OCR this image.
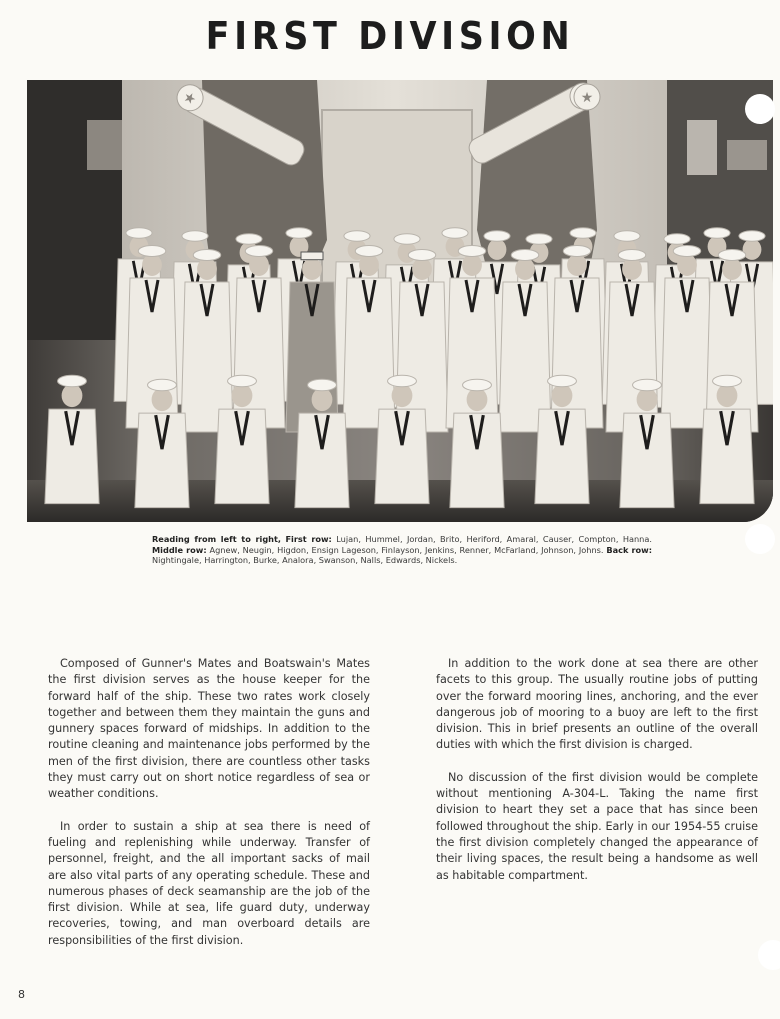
FIRST DIVISION
★	★
Reading from left to right, First row: Lujan, Hummel, Jordan, Brito, Heriford, Amaral, Causer, Compton, Hanna. Middle row: Agnew, Neugin, Higdon, Ensign Lageson, Finlayson, Jenkins, Renner, McFarland, Johnson, Johns. Back row: Nightingale, Harrington, Burke, Analora, Swanson, Nalls, Edwards, Nickels.

Composed of Gunner's Mates and Boatswain's Mates the first division serves as the house keeper for the forward half of the ship. These two rates work closely together and between them they maintain the guns and gunnery spaces forward of midships. In addition to the routine cleaning and maintenance jobs performed by the men of the first division, there are countless other tasks they must carry out on short notice regardless of sea or weather conditions.

In order to sustain a ship at sea there is need of fueling and replenishing while underway. Transfer of personnel, freight, and the all important sacks of mail are also vital parts of any operating schedule. These and numerous phases of deck seamanship are the job of the first division. While at sea, life guard duty, underway recoveries, towing, and man overboard details are responsibilities of the first division.

In addition to the work done at sea there are other facets to this group. The usually routine jobs of putting over the forward mooring lines, anchoring, and the ever dangerous job of mooring to a buoy are left to the first division. This in brief presents an outline of the overall duties with which the first division is charged.

No discussion of the first division would be complete without mentioning A-304-L. Taking the name first division to heart they set a pace that has since been followed throughout the ship. Early in our 1954-55 cruise the first division completely changed the appearance of their living spaces, the result being a handsome as well as habitable compartment.

8
